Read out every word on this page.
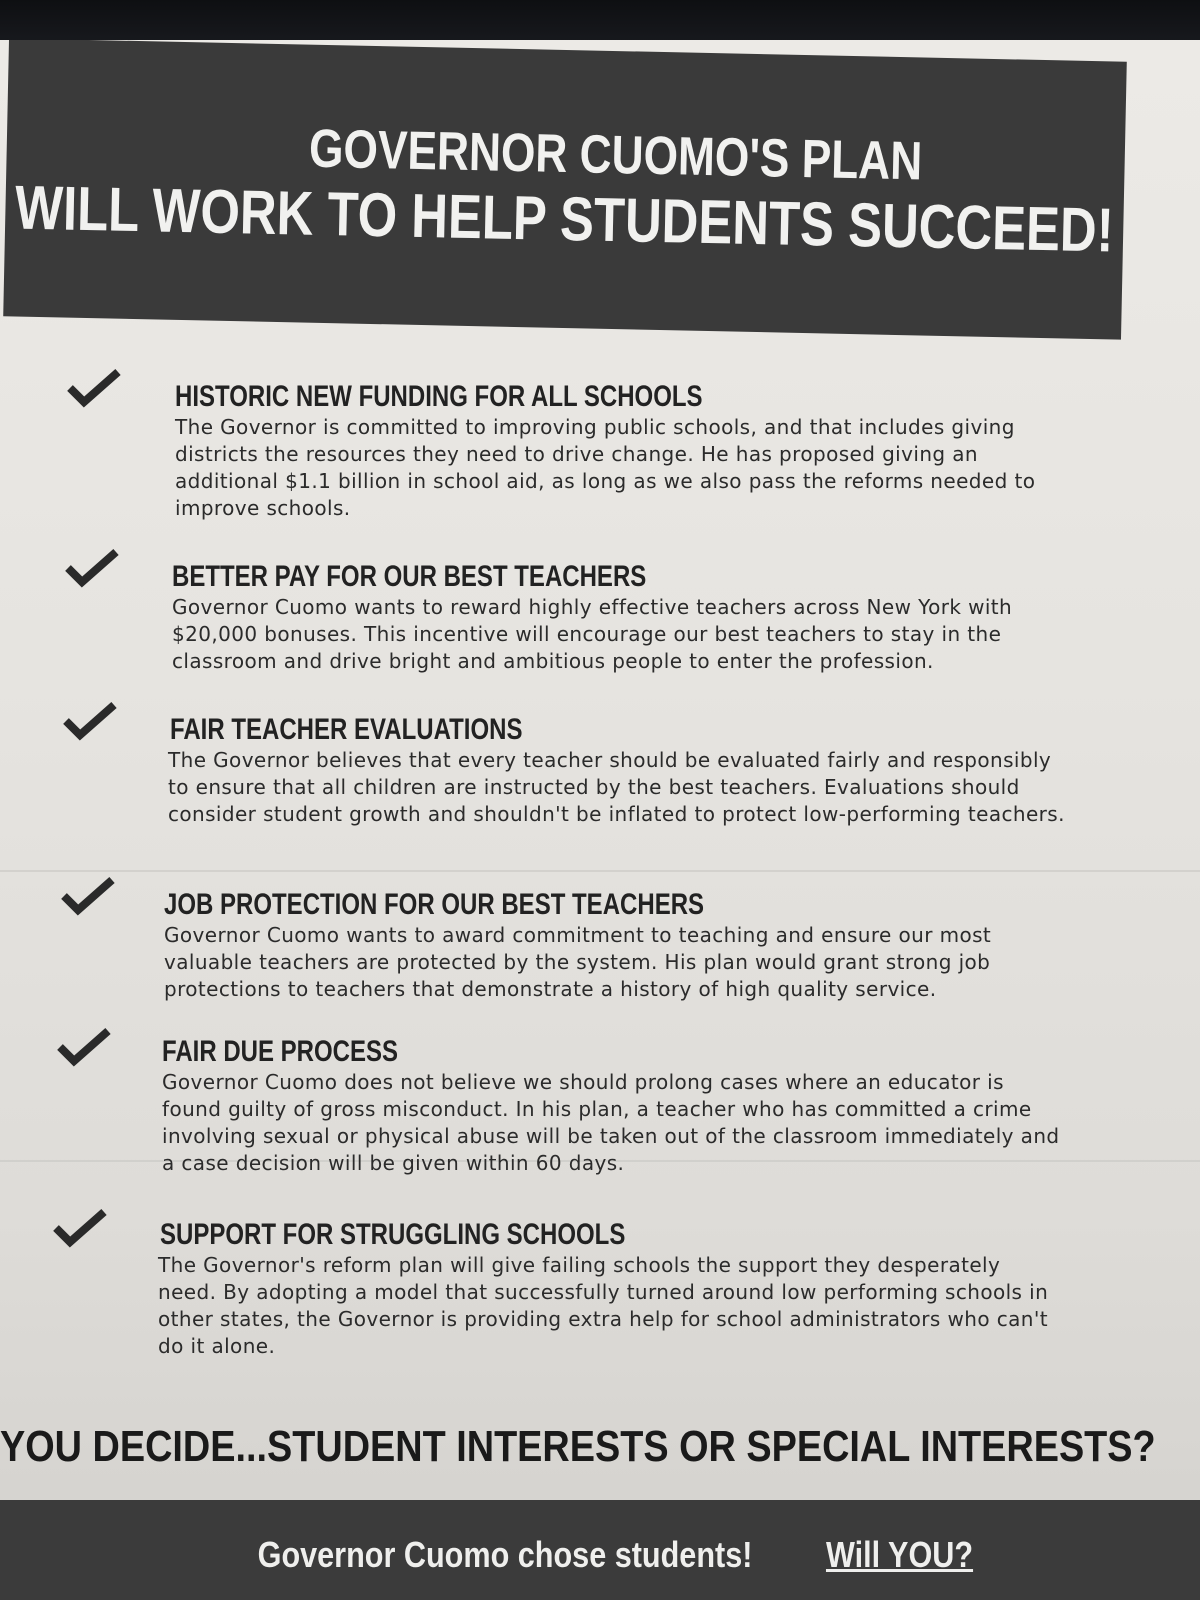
GOVERNOR CUOMO'S PLAN
WILL WORK TO HELP STUDENTS SUCCEED!
HISTORIC NEW FUNDING FOR ALL SCHOOLS
The Governor is committed to improving public schools, and that includes giving districts the resources they need to drive change. He has proposed giving an additional $1.1 billion in school aid, as long as we also pass the reforms needed to improve schools.
BETTER PAY FOR OUR BEST TEACHERS
Governor Cuomo wants to reward highly effective teachers across New York with $20,000 bonuses. This incentive will encourage our best teachers to stay in the classroom and drive bright and ambitious people to enter the profession.
FAIR TEACHER EVALUATIONS
The Governor believes that every teacher should be evaluated fairly and responsibly to ensure that all children are instructed by the best teachers. Evaluations should consider student growth and shouldn't be inflated to protect low-performing teachers.
JOB PROTECTION FOR OUR BEST TEACHERS
Governor Cuomo wants to award commitment to teaching and ensure our most valuable teachers are protected by the system. His plan would grant strong job protections to teachers that demonstrate a history of high quality service.
FAIR DUE PROCESS
Governor Cuomo does not believe we should prolong cases where an educator is found guilty of gross misconduct. In his plan, a teacher who has committed a crime involving sexual or physical abuse will be taken out of the classroom immediately and a case decision will be given within 60 days.
SUPPORT FOR STRUGGLING SCHOOLS
The Governor's reform plan will give failing schools the support they desperately need. By adopting a model that successfully turned around low performing schools in other states, the Governor is providing extra help for school administrators who can't do it alone.
YOU DECIDE...STUDENT INTERESTS OR SPECIAL INTERESTS?
Governor Cuomo chose students! Will YOU?
